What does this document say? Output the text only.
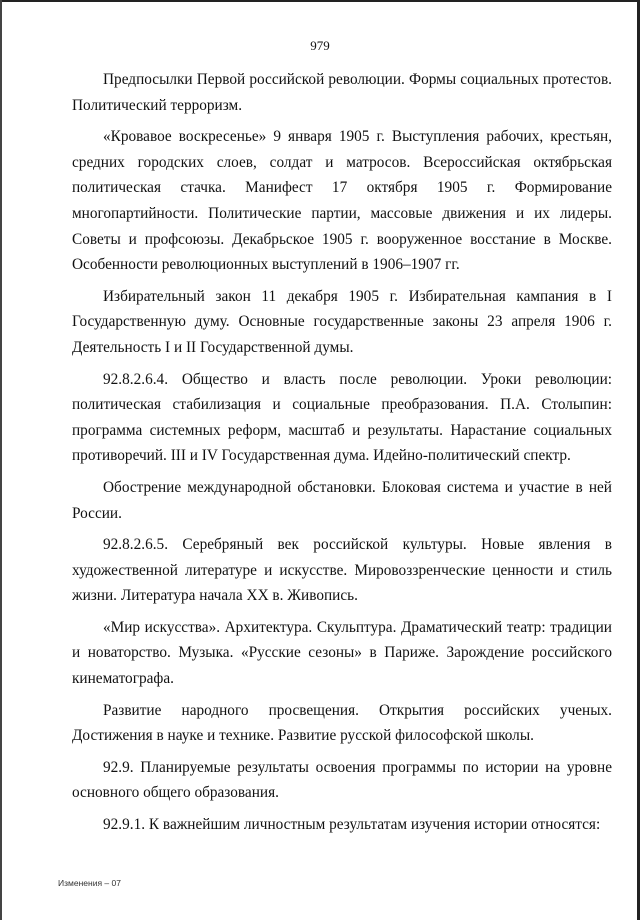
979

Предпосылки Первой российской революции. Формы социальных протестов. Политический терроризм.

«Кровавое воскресенье» 9 января 1905 г. Выступления рабочих, крестьян, средних городских слоев, солдат и матросов. Всероссийская октябрьская политическая стачка. Манифест 17 октября 1905 г. Формирование многопартийности. Политические партии, массовые движения и их лидеры. Советы и профсоюзы. Декабрьское 1905 г. вооруженное восстание в Москве. Особенности революционных выступлений в 1906–1907 гг.

Избирательный закон 11 декабря 1905 г. Избирательная кампания в I Государственную думу. Основные государственные законы 23 апреля 1906 г. Деятельность I и II Государственной думы.

92.8.2.6.4. Общество и власть после революции. Уроки революции: политическая стабилизация и социальные преобразования. П.А. Столыпин: программа системных реформ, масштаб и результаты. Нарастание социальных противоречий. III и IV Государственная дума. Идейно-политический спектр.

Обострение международной обстановки. Блоковая система и участие в ней России.

92.8.2.6.5. Серебряный век российской культуры. Новые явления в художественной литературе и искусстве. Мировоззренческие ценности и стиль жизни. Литература начала XX в. Живопись.

«Мир искусства». Архитектура. Скульптура. Драматический театр: традиции и новаторство. Музыка. «Русские сезоны» в Париже. Зарождение российского кинематографа.

Развитие народного просвещения. Открытия российских ученых. Достижения в науке и технике. Развитие русской философской школы.

92.9. Планируемые результаты освоения программы по истории на уровне основного общего образования.

92.9.1. К важнейшим личностным результатам изучения истории относятся:

Изменения – 07
